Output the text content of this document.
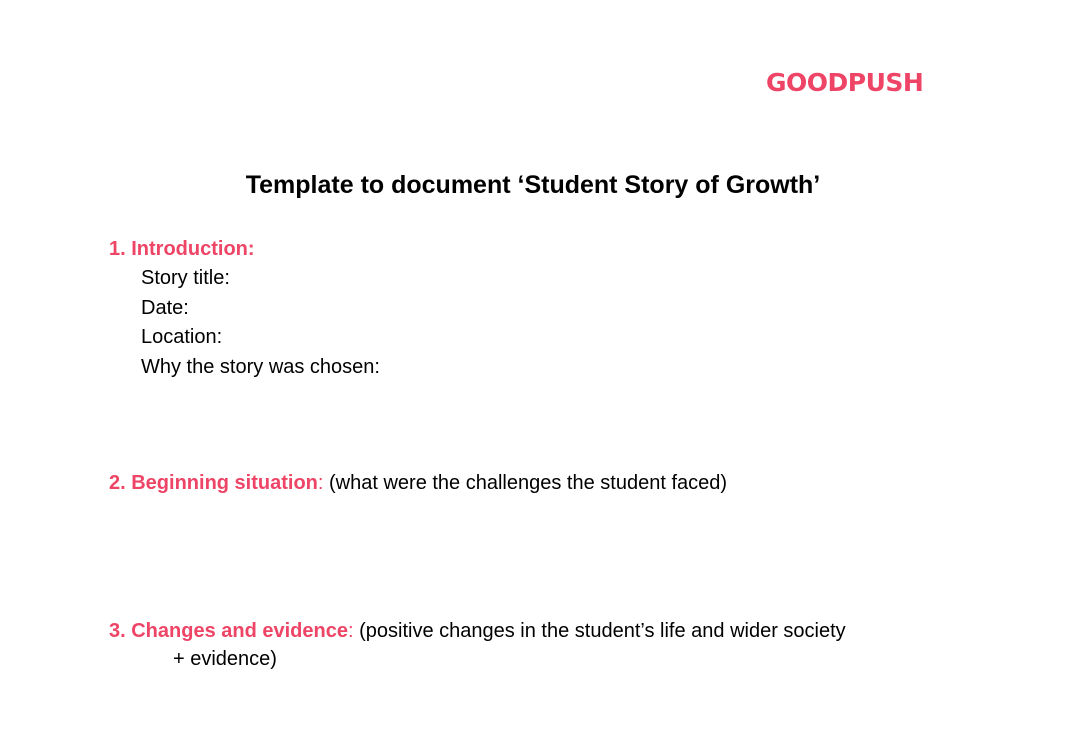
GOODPUSH
Template to document ‘Student Story of Growth’

1. Introduction:

Story title:
Date:
Location:
Why the story was chosen:

2. Beginning situation: (what were the challenges the student faced)

3. Changes and evidence: (positive changes in the student’s life and wider society

+ evidence)
